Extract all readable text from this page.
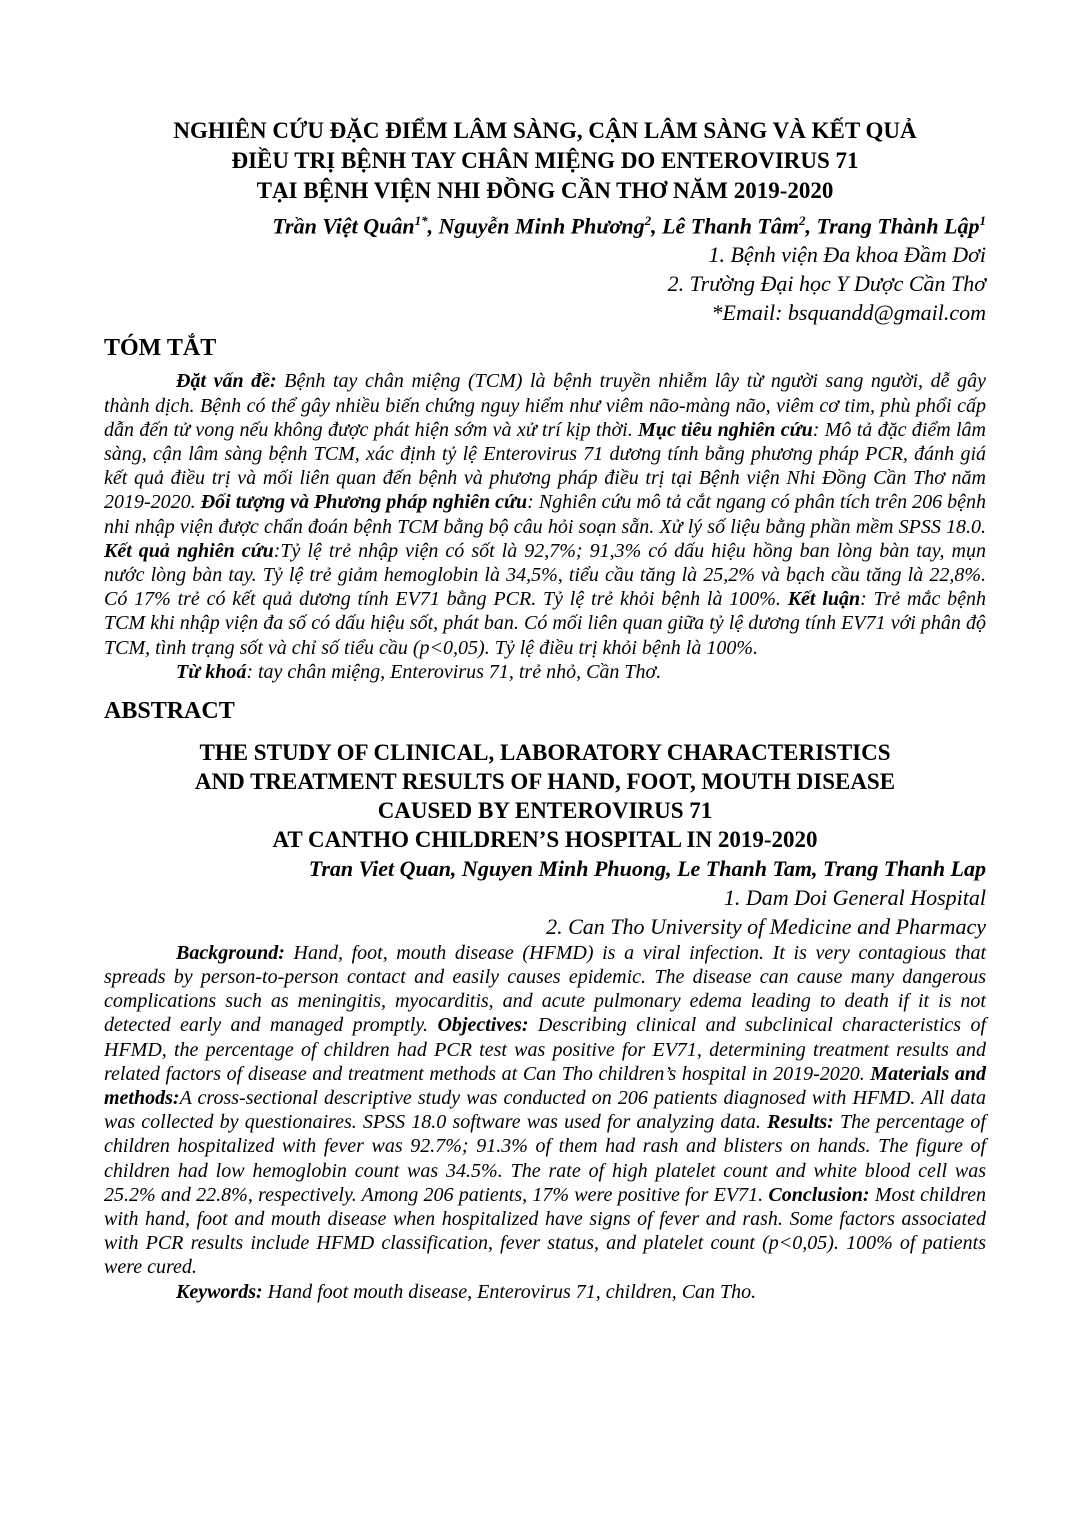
NGHIÊN CỨU ĐẶC ĐIỂM LÂM SÀNG, CẬN LÂM SÀNG VÀ KẾT QUẢ
ĐIỀU TRỊ BỆNH TAY CHÂN MIỆNG DO ENTEROVIRUS 71
TẠI BỆNH VIỆN NHI ĐỒNG CẦN THƠ NĂM 2019-2020

Trần Việt Quân$^{1*}$, Nguyễn Minh Phương$^2$, Lê Thanh Tâm$^2$, Trang Thành Lập$^1$

1. Bệnh viện Đa khoa Đầm Dơi

2. Trường Đại học Y Dược Cần Thơ

*Email: bsquandd@gmail.com

TÓM TẮT

Đặt vấn đề: Bệnh tay chân miệng (TCM) là bệnh truyền nhiễm lây từ người sang người, dễ gây thành dịch. Bệnh có thể gây nhiều biến chứng nguy hiểm như viêm não-màng não, viêm cơ tim, phù phổi cấp dẫn đến tử vong nếu không được phát hiện sớm và xử trí kịp thời. Mục tiêu nghiên cứu: Mô tả đặc điểm lâm sàng, cận lâm sàng bệnh TCM, xác định tỷ lệ Enterovirus 71 dương tính bằng phương pháp PCR, đánh giá kết quả điều trị và mối liên quan đến bệnh và phương pháp điều trị tại Bệnh viện Nhi Đồng Cần Thơ năm 2019-2020. Đối tượng và Phương pháp nghiên cứu: Nghiên cứu mô tả cắt ngang có phân tích trên 206 bệnh nhi nhập viện được chẩn đoán bệnh TCM bằng bộ câu hỏi soạn sẵn. Xử lý số liệu bằng phần mềm SPSS 18.0. Kết quả nghiên cứu:Tỷ lệ trẻ nhập viện có sốt là 92,7%; 91,3% có dấu hiệu hồng ban lòng bàn tay, mụn nước lòng bàn tay. Tỷ lệ trẻ giảm hemoglobin là 34,5%, tiểu cầu tăng là 25,2% và bạch cầu tăng là 22,8%. Có 17% trẻ có kết quả dương tính EV71 bằng PCR. Tỷ lệ trẻ khỏi bệnh là 100%. Kết luận: Trẻ mắc bệnh TCM khi nhập viện đa số có dấu hiệu sốt, phát ban. Có mối liên quan giữa tỷ lệ dương tính EV71 với phân độ TCM, tình trạng sốt và chỉ số tiểu cầu (p<0,05). Tỷ lệ điều trị khỏi bệnh là 100%.

Từ khoá: tay chân miệng, Enterovirus 71, trẻ nhỏ, Cần Thơ.

ABSTRACT
THE STUDY OF CLINICAL, LABORATORY CHARACTERISTICS
AND TREATMENT RESULTS OF HAND, FOOT, MOUTH DISEASE
CAUSED BY ENTEROVIRUS 71
AT CANTHO CHILDREN’S HOSPITAL IN 2019-2020

Tran Viet Quan, Nguyen Minh Phuong, Le Thanh Tam, Trang Thanh Lap

1. Dam Doi General Hospital

2. Can Tho University of Medicine and Pharmacy

Background: Hand, foot, mouth disease (HFMD) is a viral infection. It is very contagious that spreads by person-to-person contact and easily causes epidemic. The disease can cause many dangerous complications such as meningitis, myocarditis, and acute pulmonary edema leading to death if it is not detected early and managed promptly. Objectives: Describing clinical and subclinical characteristics of HFMD, the percentage of children had PCR test was positive for EV71, determining treatment results and related factors of disease and treatment methods at Can Tho children’s hospital in 2019-2020. Materials and methods:A cross-sectional descriptive study was conducted on 206 patients diagnosed with HFMD. All data was collected by questionaires. SPSS 18.0 software was used for analyzing data. Results: The percentage of children hospitalized with fever was 92.7%; 91.3% of them had rash and blisters on hands. The figure of children had low hemoglobin count was 34.5%. The rate of high platelet count and white blood cell was 25.2% and 22.8%, respectively. Among 206 patients, 17% were positive for EV71. Conclusion: Most children with hand, foot and mouth disease when hospitalized have signs of fever and rash. Some factors associated with PCR results include HFMD classification, fever status, and platelet count (p<0,05). 100% of patients were cured.

Keywords: Hand foot mouth disease, Enterovirus 71, children, Can Tho.
